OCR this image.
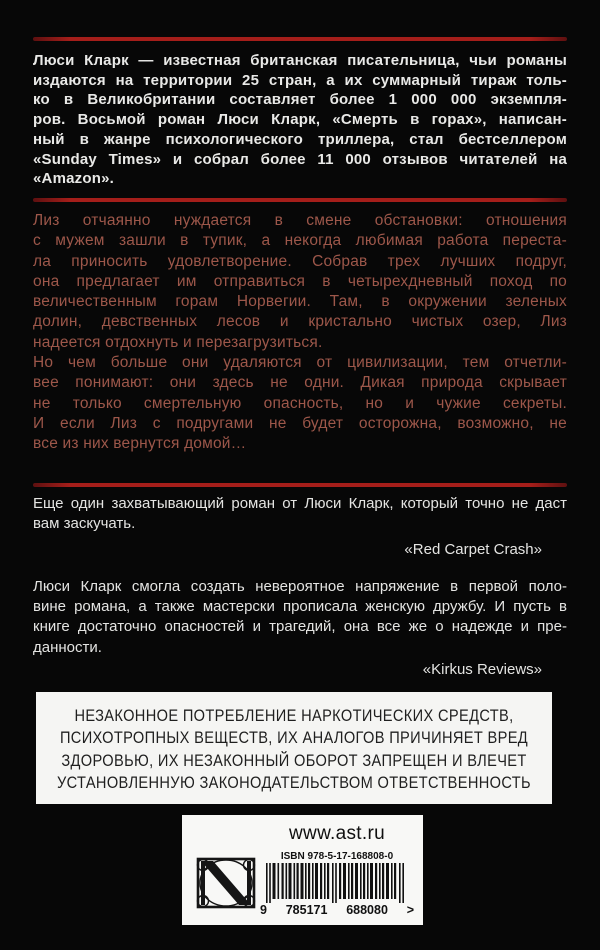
Люси Кларк — известная британская писательница, чьи романы
издаются на территории 25 стран, а их суммарный тираж толь-
ко в Великобритании составляет более 1 000 000 экземпля-
ров. Восьмой роман Люси Кларк, «Смерть в горах», написан-
ный в жанре психологического триллера, стал бестселлером
«Sunday Times» и собрал более 11 000 отзывов читателей на
«Amazon».
Лиз отчаянно нуждается в смене обстановки: отношения
с мужем зашли в тупик, а некогда любимая работа переста-
ла приносить удовлетворение. Собрав трех лучших подруг,
она предлагает им отправиться в четырехдневный поход по
величественным горам Норвегии. Там, в окружении зеленых
долин, девственных лесов и кристально чистых озер, Лиз
надеется отдохнуть и перезагрузиться.
Но чем больше они удаляются от цивилизации, тем отчетли-
вее понимают: они здесь не одни. Дикая природа скрывает
не только смертельную опасность, но и чужие секреты.
И если Лиз с подругами не будет осторожна, возможно, не
все из них вернутся домой…
Еще один захватывающий роман от Люси Кларк, который точно не даст
вам заскучать.
«Red Carpet Crash»
Люси Кларк смогла создать невероятное напряжение в первой поло-
вине романа, а также мастерски прописала женскую дружбу. И пусть в
книге достаточно опасностей и трагедий, она все же о надежде и пре-
данности.
«Kirkus Reviews»
НЕЗАКОННОЕ ПОТРЕБЛЕНИЕ НАРКОТИЧЕСКИХ СРЕДСТВ,
ПСИХОТРОПНЫХ ВЕЩЕСТВ, ИХ АНАЛОГОВ ПРИЧИНЯЕТ ВРЕД
ЗДОРОВЬЮ, ИХ НЕЗАКОННЫЙ ОБОРОТ ЗАПРЕЩЕН И ВЛЕЧЕТ
УСТАНОВЛЕННУЮ ЗАКОНОДАТЕЛЬСТВОМ ОТВЕТСТВЕННОСТЬ
www.ast.ru
ISBN 978-5-17-168808-0
9 785171 688080 >
